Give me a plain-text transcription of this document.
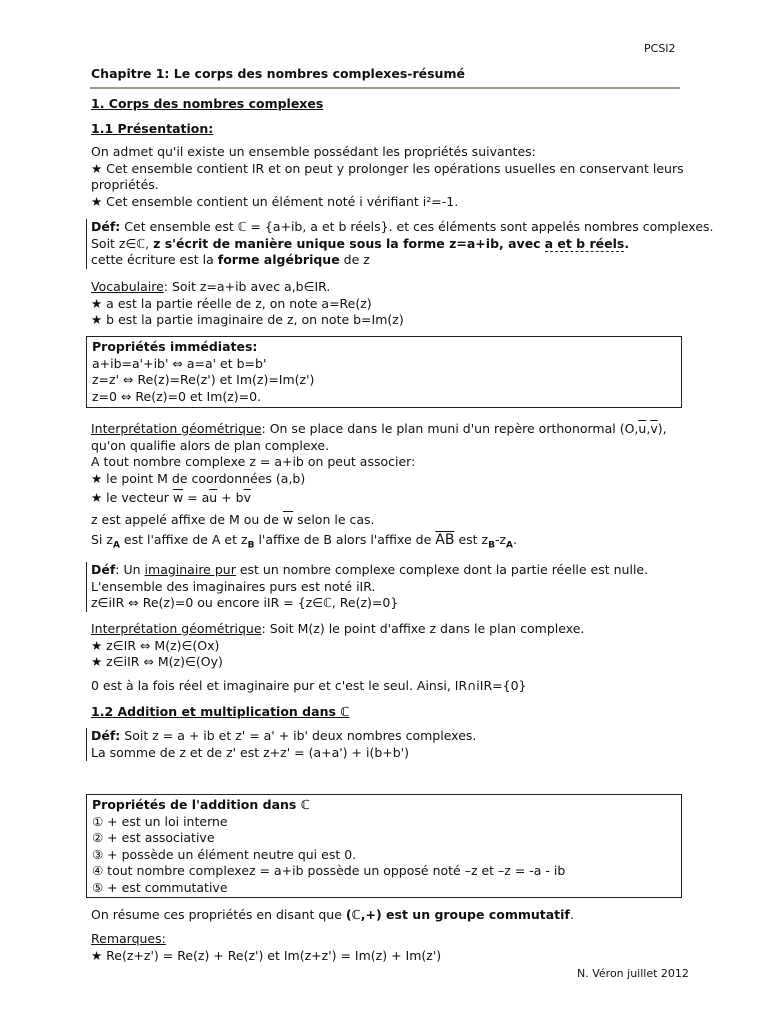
PCSI2
Chapitre 1: Le corps des nombres complexes-résumé
1. Corps des nombres complexes
1.1 Présentation:
On admet qu'il existe un ensemble possédant les propriétés suivantes:
★ Cet ensemble contient IR et on peut y prolonger les opérations usuelles en conservant leurs
propriétés.
★ Cet ensemble contient un élément noté i vérifiant i²=-1.
Déf: Cet ensemble est ℂ = {a+ib, a et b réels}. et ces éléments sont appelés nombres complexes.
Soit z∈ℂ, z s'écrit de manière unique sous la forme z=a+ib, avec a et b réels.
cette écriture est la forme algébrique de z
Vocabulaire: Soit z=a+ib avec a,b∈IR.
★ a est la partie réelle de z, on note a=Re(z)
★ b est la partie imaginaire de z, on note b=Im(z)
Propriétés immédiates:
a+ib=a'+ib' ⇔ a=a' et b=b'
z=z' ⇔ Re(z)=Re(z') et Im(z)=Im(z')
z=0 ⇔ Re(z)=0 et Im(z)=0.
Interprétation géométrique: On se place dans le plan muni d'un repère orthonormal $(O,\overline{u},\overline{v})$,
qu'on qualifie alors de plan complexe.
A tout nombre complexe z = a+ib on peut associer:
★ le point M de coordonnées (a,b)
★ le vecteur $\overline{w} = a\overline{u} + b\overline{v}$
z est appelé affixe de M ou de $\overline{w}$ selon le cas.
Si $z_A$ est l'affixe de A et $z_B$ l'affixe de B alors l'affixe de $\overline{AB}$ est $z_B-z_A$.
Déf: Un imaginaire pur est un nombre complexe complexe dont la partie réelle est nulle.
L'ensemble des imaginaires purs est noté iIR.
z∈iIR ⇔ Re(z)=0 ou encore iIR = {z∈ℂ, Re(z)=0}
Interprétation géométrique: Soit M(z) le point d'affixe z dans le plan complexe.
★ z∈IR ⇔ M(z)∈(Ox)
★ z∈iIR ⇔ M(z)∈(Oy)
0 est à la fois réel et imaginaire pur et c'est le seul. Ainsi, IR∩iIR={0}
1.2 Addition et multiplication dans ℂ
Déf: Soit z = a + ib et z' = a' + ib' deux nombres complexes.
La somme de z et de z' est z+z' = (a+a') + i(b+b')
Propriétés de l'addition dans ℂ
① + est un loi interne
② + est associative
③ + possède un élément neutre qui est 0.
④ tout nombre complexez = a+ib possède un opposé noté –z et –z = -a - ib
⑤ + est commutative
On résume ces propriétés en disant que (ℂ,+) est un groupe commutatif.
Remarques:
★ Re(z+z') = Re(z) + Re(z') et Im(z+z') = Im(z) + Im(z')
N. Véron juillet 2012
